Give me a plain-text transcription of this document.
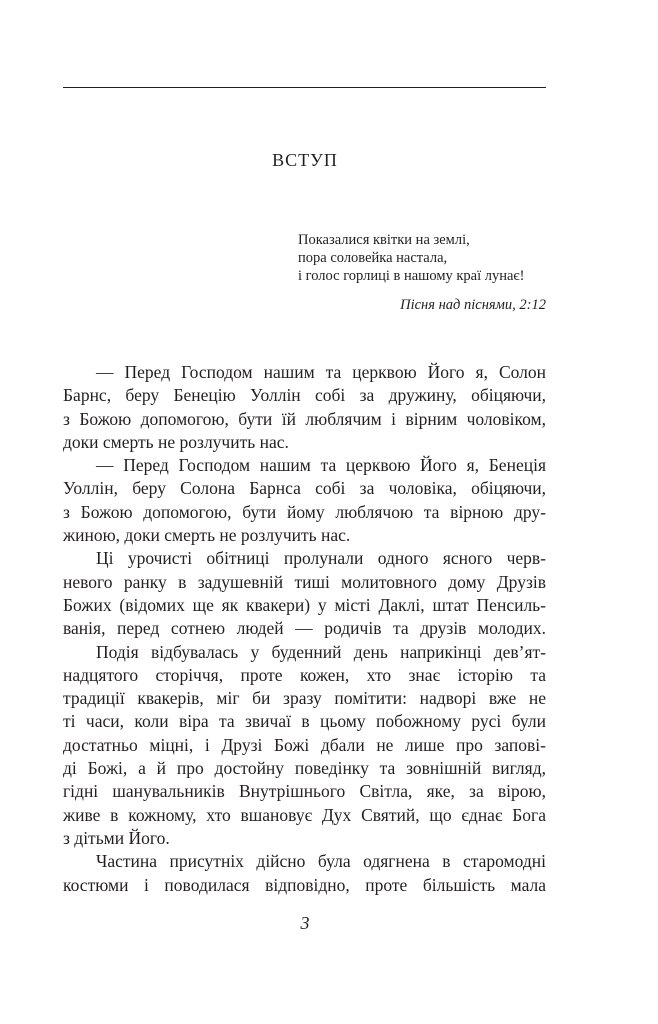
ВСТУП
Показалися квітки на землі,
пора соловейка настала,
і голос горлиці в нашому краї лунає!
Пісня над піснями, 2:12
— Перед Господом нашим та церквою Його я, Солон
Барнс, беру Бенецію Уоллін собі за дружину, обіцяючи,
з Божою допомогою, бути їй люблячим і вірним чоловіком,
доки смерть не розлучить нас.
— Перед Господом нашим та церквою Його я, Бенеція
Уоллін, беру Солона Барнса собі за чоловіка, обіцяючи,
з Божою допомогою, бути йому люблячою та вірною дру-
жиною, доки смерть не розлучить нас.
Ці урочисті обітниці пролунали одного ясного черв-
невого ранку в задушевній тиші молитовного дому Друзів
Божих (відомих ще як квакери) у місті Даклі, штат Пенсиль-
ванія, перед сотнею людей — родичів та друзів молодих.
Подія відбувалась у буденний день наприкінці дев’ят-
надцятого сторіччя, проте кожен, хто знає історію та
традиції квакерів, міг би зразу помітити: надворі вже не
ті часи, коли віра та звичаї в цьому побожному русі були
достатньо міцні, і Друзі Божі дбали не лише про запові-
ді Божі, а й про достойну поведінку та зовнішній вигляд,
гідні шанувальників Внутрішнього Світла, яке, за вірою,
живе в кожному, хто вшановує Дух Святий, що єднає Бога
з дітьми Його.
Частина присутніх дійсно була одягнена в старомодні
костюми і поводилася відповідно, проте більшість мала
3
